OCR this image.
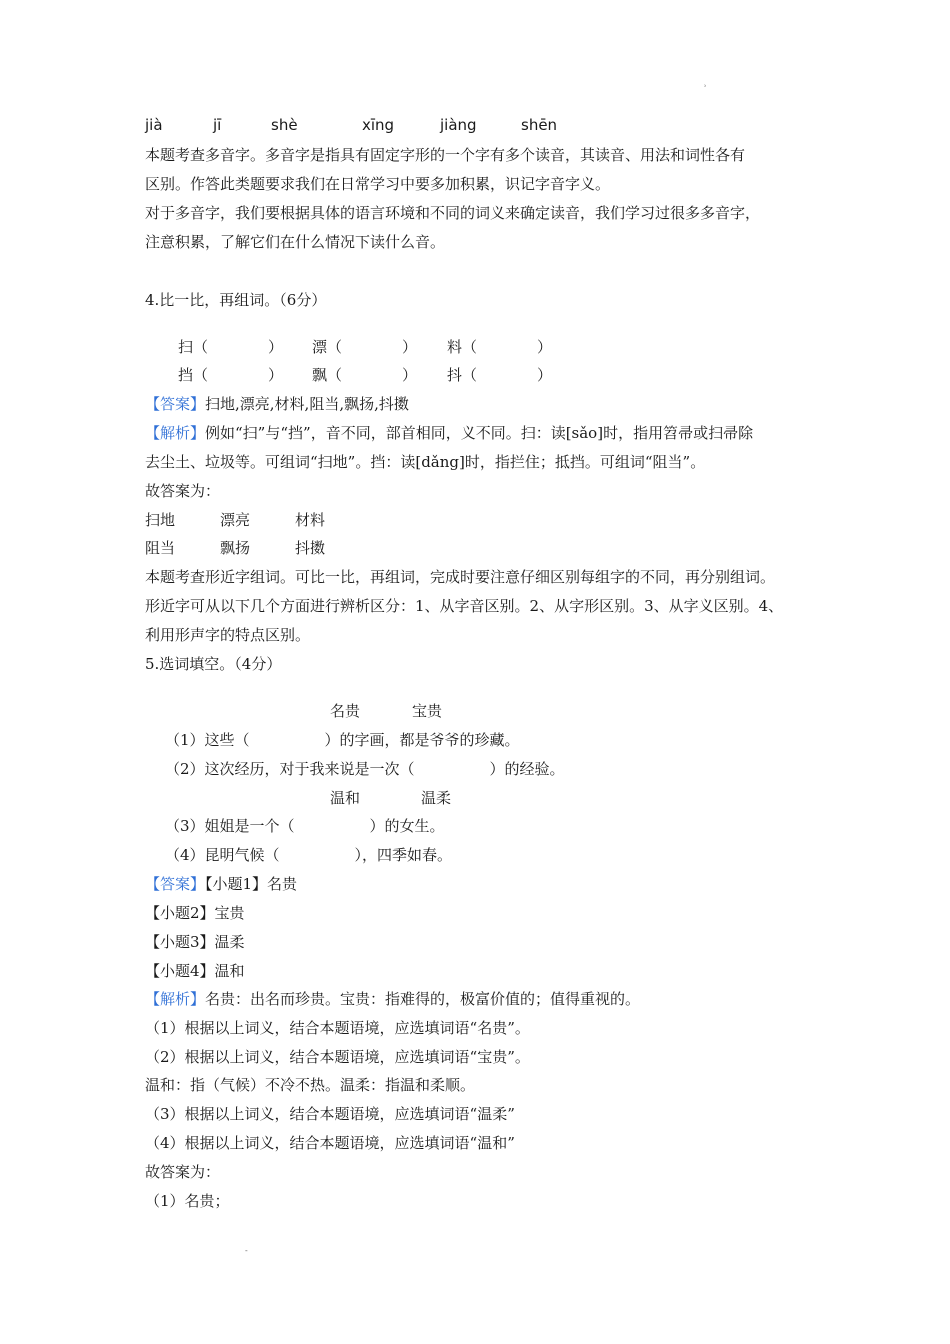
ʾ
jià	jī	shè	xīng	jiàng	shēn
本题考查多音字。多音字是指具有固定字形的一个字有多个读音，其读音、用法和词性各有
区别。作答此类题要求我们在日常学习中要多加积累，识记字音字义。
对于多音字，我们要根据具体的语言环境和不同的词义来确定读音，我们学习过很多多音字，
注意积累，了解它们在什么情况下读什么音。
4.比一比，再组词。（6分）
扫（　　　　） 漂（　　　　） 料（　　　　）
挡（　　　　） 飘（　　　　） 抖（　　　　）
【答案】扫地,漂亮,材料,阻当,飘扬,抖擞
【解析】例如“扫”与“挡”，音不同，部首相同，义不同。扫：读[sǎo]时，指用笤帚或扫帚除
去尘土、垃圾等。可组词“扫地”。挡：读[dǎng]时，指拦住；抵挡。可组词“阻当”。
故答案为：
扫地	漂亮	材料
阻当	飘扬	抖擞
本题考查形近字组词。可比一比，再组词，完成时要注意仔细区别每组字的不同，再分别组词。
形近字可从以下几个方面进行辨析区分：1、从字音区别。2、从字形区别。3、从字义区别。4、
利用形声字的特点区别。
5.选词填空。（4分）
名贵	宝贵
（1）这些（　　　　　）的字画，都是爷爷的珍藏。
（2）这次经历，对于我来说是一次（　　　　　）的经验。
温和	温柔
（3）姐姐是一个（　　　　　）的女生。
（4）昆明气候（　　　　　），四季如春。
【答案】【小题1】名贵
【小题2】宝贵
【小题3】温柔
【小题4】温和
【解析】名贵：出名而珍贵。宝贵：指难得的，极富价值的；值得重视的。
（1）根据以上词义，结合本题语境，应选填词语“名贵”。
（2）根据以上词义，结合本题语境，应选填词语“宝贵”。
温和：指（气候）不冷不热。温柔：指温和柔顺。
（3）根据以上词义，结合本题语境，应选填词语“温柔”
（4）根据以上词义，结合本题语境，应选填词语“温和”
故答案为：
（1）名贵；
-
